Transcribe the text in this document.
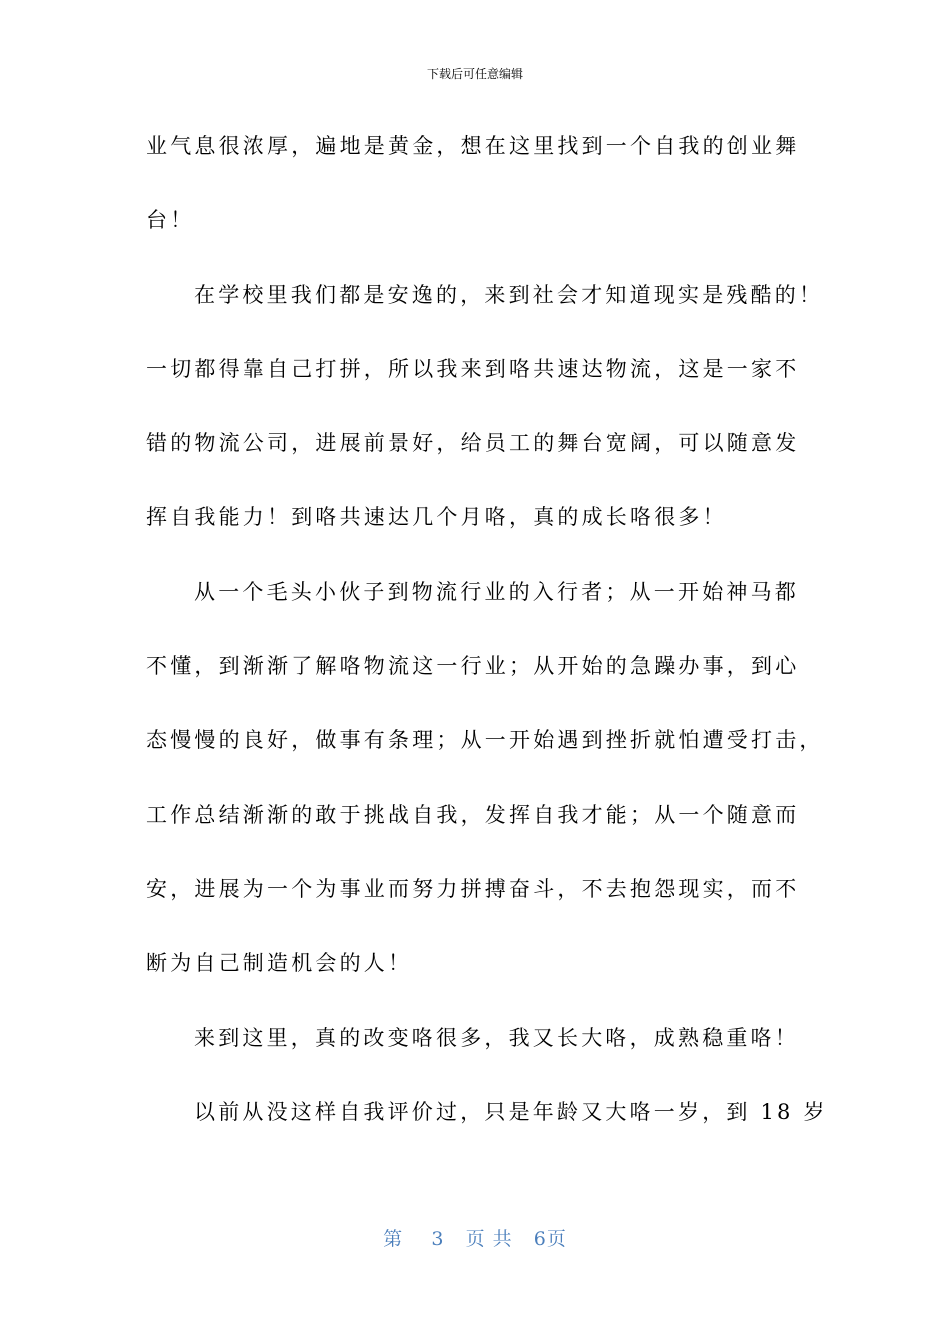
下载后可任意编辑
业气息很浓厚，遍地是黄金，想在这里找到一个自我的创业舞
台！
在学校里我们都是安逸的，来到社会才知道现实是残酷的！
一切都得靠自己打拼，所以我来到咯共速达物流，这是一家不
错的物流公司，进展前景好，给员工的舞台宽阔，可以随意发
挥自我能力！到咯共速达几个月咯，真的成长咯很多！
从一个毛头小伙子到物流行业的入行者；从一开始神马都
不懂，到渐渐了解咯物流这一行业；从开始的急躁办事，到心
态慢慢的良好，做事有条理；从一开始遇到挫折就怕遭受打击，
工作总结渐渐的敢于挑战自我，发挥自我才能；从一个随意而
安，进展为一个为事业而努力拼搏奋斗，不去抱怨现实，而不
断为自己制造机会的人！
来到这里，真的改变咯很多，我又长大咯，成熟稳重咯！
以前从没这样自我评价过，只是年龄又大咯一岁，到 18 岁
第 3 页 共 6页
